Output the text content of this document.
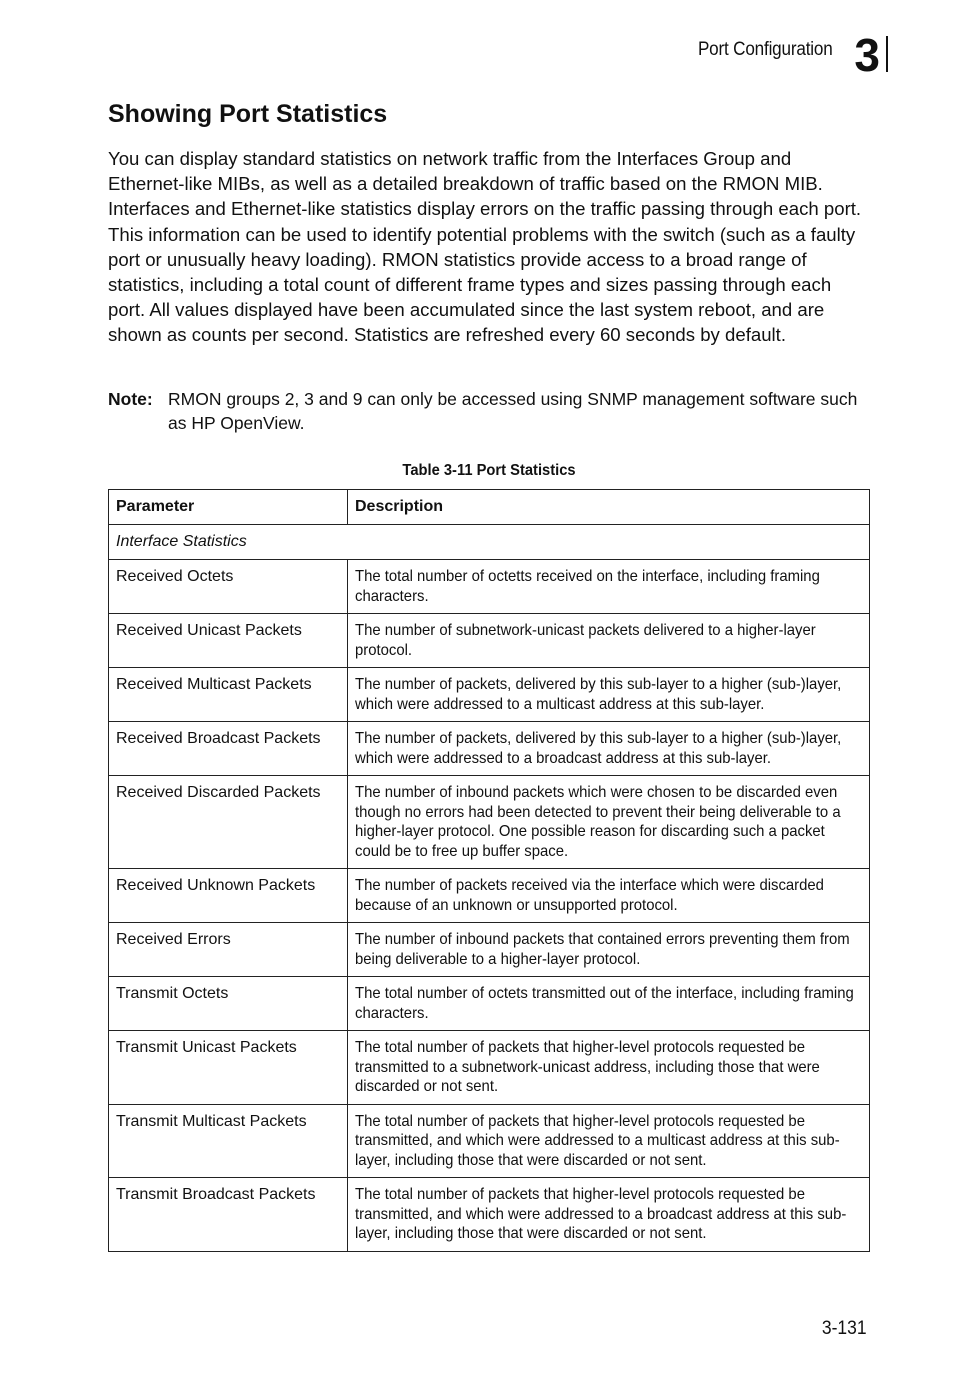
Port Configuration 3
Showing Port Statistics

You can display standard statistics on network traffic from the Interfaces Group and Ethernet-like MIBs, as well as a detailed breakdown of traffic based on the RMON MIB. Interfaces and Ethernet-like statistics display errors on the traffic passing through each port. This information can be used to identify potential problems with the switch (such as a faulty port or unusually heavy loading). RMON statistics provide access to a broad range of statistics, including a total count of different frame types and sizes passing through each port. All values displayed have been accumulated since the last system reboot, and are shown as counts per second. Statistics are refreshed every 60 seconds by default.

Note: RMON groups 2, 3 and 9 can only be accessed using SNMP management software such as HP OpenView.
Table 3-11 Port Statistics
Parameter	Description
Interface Statistics	
Received Octets	The total number of octetts received on the interface, including framing characters.
Received Unicast Packets	The number of subnetwork-unicast packets delivered to a higher-layer protocol.
Received Multicast Packets	The number of packets, delivered by this sub-layer to a higher (sub-)layer, which were addressed to a multicast address at this sub-layer.
Received Broadcast Packets	The number of packets, delivered by this sub-layer to a higher (sub-)layer, which were addressed to a broadcast address at this sub-layer.
Received Discarded Packets	The number of inbound packets which were chosen to be discarded even though no errors had been detected to prevent their being deliverable to a higher-layer protocol. One possible reason for discarding such a packet could be to free up buffer space.
Received Unknown Packets	The number of packets received via the interface which were discarded because of an unknown or unsupported protocol.
Received Errors	The number of inbound packets that contained errors preventing them from being deliverable to a higher-layer protocol.
Transmit Octets	The total number of octets transmitted out of the interface, including framing characters.
Transmit Unicast Packets	The total number of packets that higher-level protocols requested be transmitted to a subnetwork-unicast address, including those that were discarded or not sent.
Transmit Multicast Packets	The total number of packets that higher-level protocols requested be transmitted, and which were addressed to a multicast address at this sub-layer, including those that were discarded or not sent.
Transmit Broadcast Packets	The total number of packets that higher-level protocols requested be transmitted, and which were addressed to a broadcast address at this sub-layer, including those that were discarded or not sent.
3-131
